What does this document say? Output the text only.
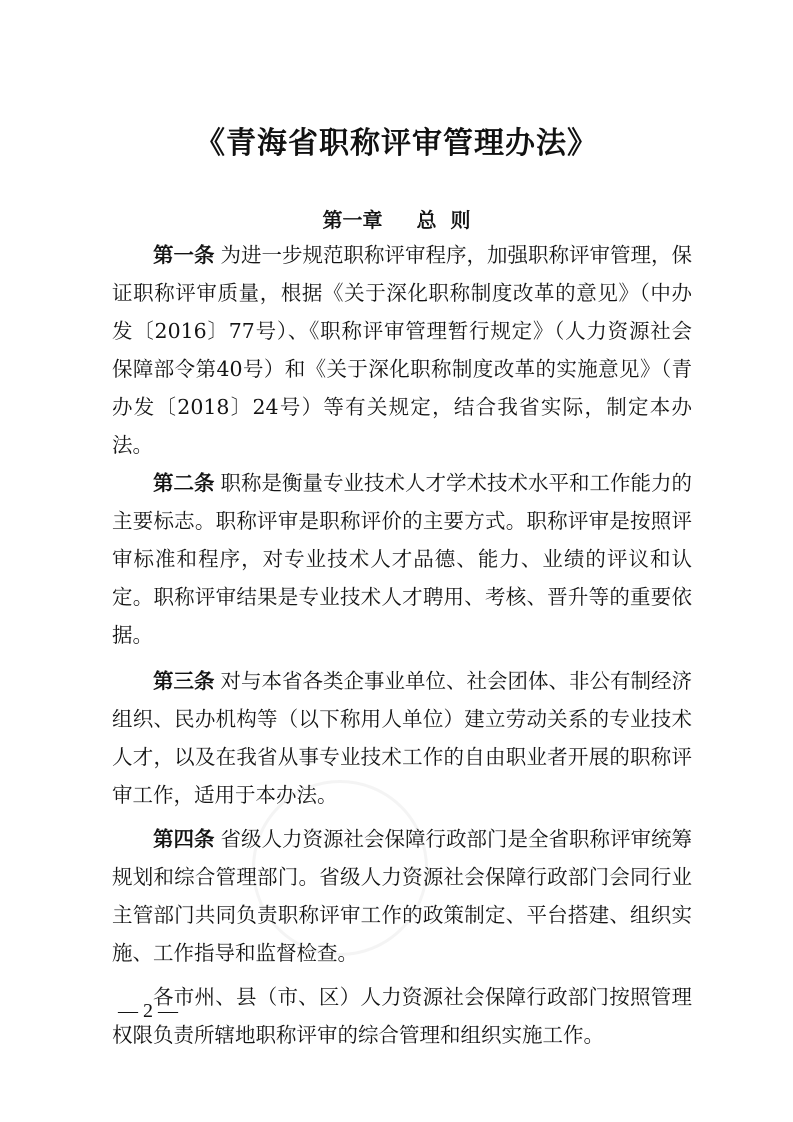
《青海省职称评审管理办法》
第一章 总  则

第一条 为进一步规范职称评审程序，加强职称评审管理，保证职称评审质量，根据《关于深化职称制度改革的意见》（中办发〔2016〕77号）、《职称评审管理暂行规定》（人力资源社会保障部令第40号）和《关于深化职称制度改革的实施意见》（青办发〔2018〕24号）等有关规定，结合我省实际，制定本办法。

第二条 职称是衡量专业技术人才学术技术水平和工作能力的主要标志。职称评审是职称评价的主要方式。职称评审是按照评审标准和程序，对专业技术人才品德、能力、业绩的评议和认定。职称评审结果是专业技术人才聘用、考核、晋升等的重要依据。

第三条 对与本省各类企事业单位、社会团体、非公有制经济组织、民办机构等（以下称用人单位）建立劳动关系的专业技术人才，以及在我省从事专业技术工作的自由职业者开展的职称评审工作，适用于本办法。

第四条 省级人力资源社会保障行政部门是全省职称评审统筹规划和综合管理部门。省级人力资源社会保障行政部门会同行业主管部门共同负责职称评审工作的政策制定、平台搭建、组织实施、工作指导和监督检查。

各市州、县（市、区）人力资源社会保障行政部门按照管理权限负责所辖地职称评审的综合管理和组织实施工作。

— 2 —
